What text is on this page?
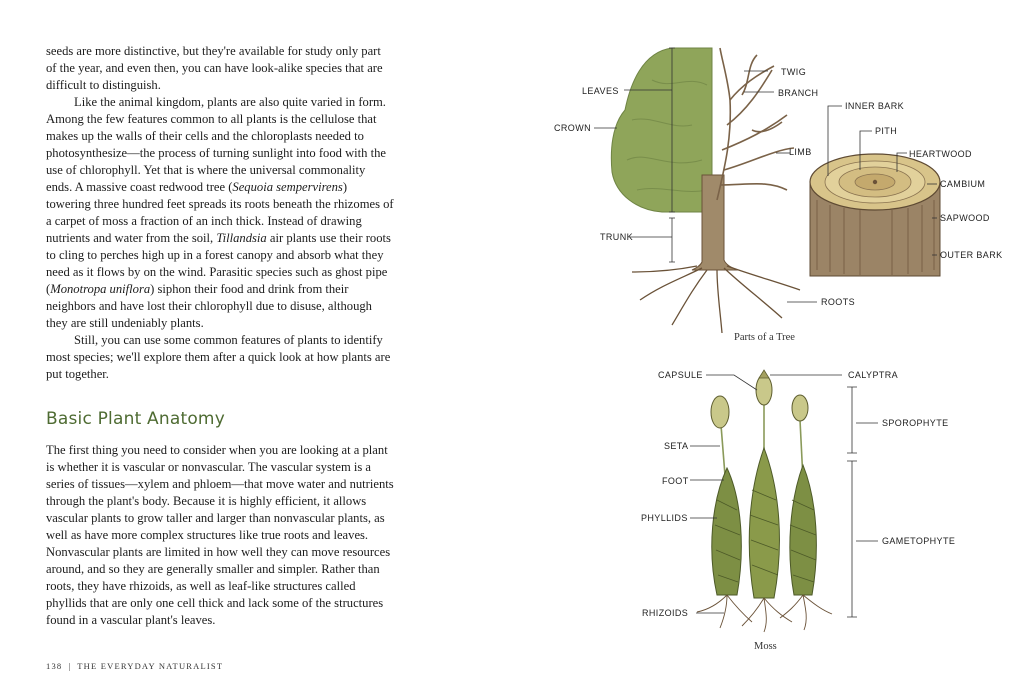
seeds are more distinctive, but they're available for study only part of the year, and even then, you can have look-alike species that are difficult to distinguish.

Like the animal kingdom, plants are also quite varied in form. Among the few features common to all plants is the cellulose that makes up the walls of their cells and the chloroplasts needed to photosynthesize—the process of turning sunlight into food with the use of chlorophyll. Yet that is where the universal commonality ends. A massive coast redwood tree (Sequoia sempervirens) towering three hundred feet spreads its roots beneath the rhizomes of a carpet of moss a fraction of an inch thick. Instead of drawing nutrients and water from the soil, Tillandsia air plants use their roots to cling to perches high up in a forest canopy and absorb what they need as it flows by on the wind. Parasitic species such as ghost pipe (Monotropa uniflora) siphon their food and drink from their neighbors and have lost their chlorophyll due to disuse, although they are still undeniably plants.

Still, you can use some common features of plants to identify most species; we'll explore them after a quick look at how plants are put together.

Basic Plant Anatomy

The first thing you need to consider when you are looking at a plant is whether it is vascular or nonvascular. The vascular system is a series of tissues—xylem and phloem—that move water and nutrients through the plant's body. Because it is highly efficient, it allows vascular plants to grow taller and larger than nonvascular plants, as well as have more complex structures like true roots and leaves. Nonvascular plants are limited in how well they can move resources around, and so they are generally smaller and simpler. Rather than roots, they have rhizoids, as well as leaf-like structures called phyllids that are only one cell thick and lack some of the structures found in a vascular plant's leaves.

138 | THE EVERYDAY NATURALIST
LEAVES
CROWN
TRUNK
TWIG
BRANCH
LIMB
ROOTS
INNER BARK
PITH
HEARTWOOD
CAMBIUM
SAPWOOD
OUTER BARK
Parts of a Tree
CAPSULE	CALYPTRA
SPOROPHYTE
SETA
FOOT
PHYLLIDS
GAMETOPHYTE
RHIZOIDS
Moss
